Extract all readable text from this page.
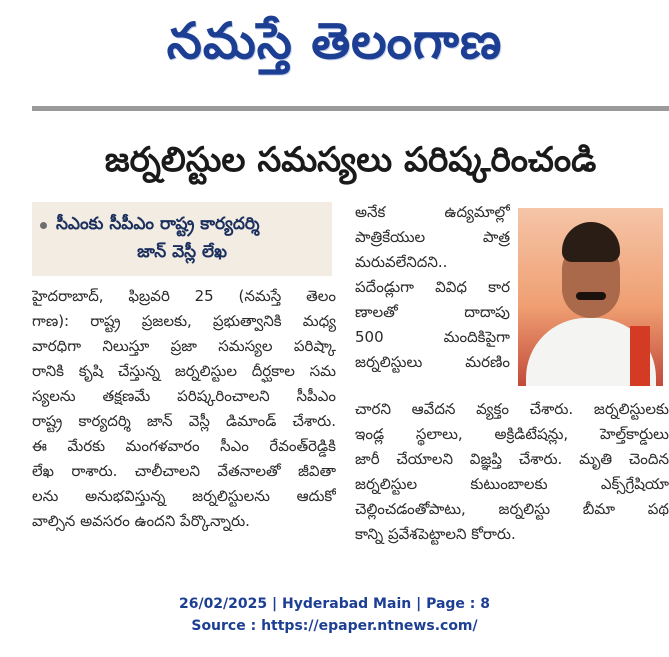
నమస్తే తెలంగాణ
జర్నలిస్టుల సమస్యలు పరిష్కరించండి
సీఎంకు సీపీఎం రాష్ట్ర కార్యదర్శి
జాన్ వెస్లీ లేఖ
హైదరాబాద్, ఫిబ్రవరి 25 (నమస్తే తెలం
గాణ): రాష్ట్ర ప్రజలకు, ప్రభుత్వానికి మధ్య
వారధిగా నిలుస్తూ ప్రజా సమస్యల పరిష్కా
రానికి కృషి చేస్తున్న జర్నలిస్టుల దీర్ఘకాల సమ
స్యలను తక్షణమే పరిష్కరించాలని సీపీఎం
రాష్ట్ర కార్యదర్శి జాన్ వెస్లీ డిమాండ్ చేశారు.
ఈ మేరకు మంగళవారం సీఎం రేవంత్‌రెడ్డికి
లేఖ రాశారు. చాలీచాలని వేతనాలతో జీవితా
లను అనుభవిస్తున్న జర్నలిస్టులను ఆదుకో
వాల్సిన అవసరం ఉందని పేర్కొన్నారు.
అనేక ఉద్యమాల్లో
పాత్రికేయుల పాత్ర
మరువలేనిదని..
పదేండ్లుగా వివిధ కార
ణాలతో దాదాపు
500 మందికిపైగా
జర్నలిస్టులు మరణిం
చారని ఆవేదన వ్యక్తం చేశారు. జర్నలిస్టులకు
ఇండ్ల స్థలాలు, అక్రిడిటేషన్లు, హెల్త్‌కార్డులు
జారీ చేయాలని విజ్ఞప్తి చేశారు. మృతి చెందిన
జర్నలిస్టుల కుటుంబాలకు ఎక్స్‌గ్రేషియా
చెల్లించడంతోపాటు, జర్నలిస్టు బీమా పథ
కాన్ని ప్రవేశపెట్టాలని కోరారు.
26/02/2025 | Hyderabad Main | Page : 8
Source : https://epaper.ntnews.com/
